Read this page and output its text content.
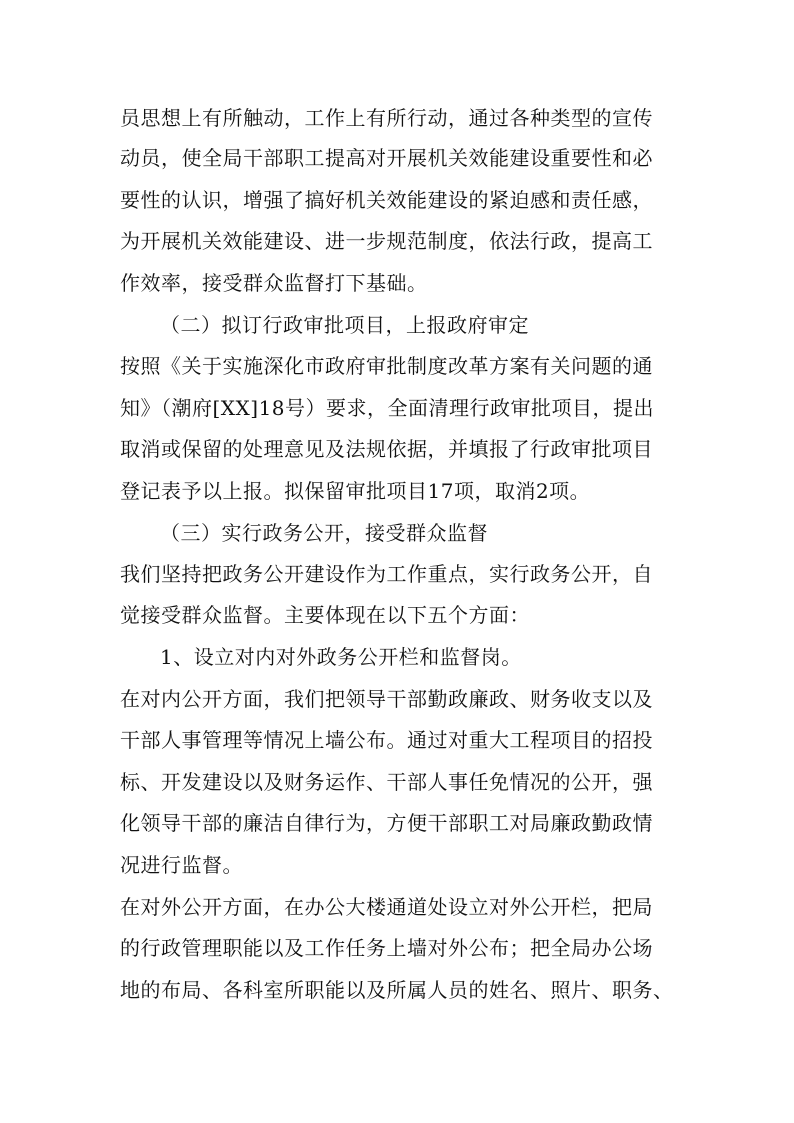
员思想上有所触动，工作上有所行动，通过各种类型的宣传
动员，使全局干部职工提高对开展机关效能建设重要性和必
要性的认识，增强了搞好机关效能建设的紧迫感和责任感，
为开展机关效能建设、进一步规范制度，依法行政，提高工
作效率，接受群众监督打下基础。
（二）拟订行政审批项目，上报政府审定
按照《关于实施深化市政府审批制度改革方案有关问题的通
知》（潮府[XX]18号）要求，全面清理行政审批项目，提出
取消或保留的处理意见及法规依据，并填报了行政审批项目
登记表予以上报。拟保留审批项目17项，取消2项。
（三）实行政务公开，接受群众监督
我们坚持把政务公开建设作为工作重点，实行政务公开，自
觉接受群众监督。主要体现在以下五个方面：
1、设立对内对外政务公开栏和监督岗。
在对内公开方面，我们把领导干部勤政廉政、财务收支以及
干部人事管理等情况上墙公布。通过对重大工程项目的招投
标、开发建设以及财务运作、干部人事任免情况的公开，强
化领导干部的廉洁自律行为，方便干部职工对局廉政勤政情
况进行监督。
在对外公开方面，在办公大楼通道处设立对外公开栏，把局
的行政管理职能以及工作任务上墙对外公布；把全局办公场
地的布局、各科室所职能以及所属人员的姓名、照片、职务、
